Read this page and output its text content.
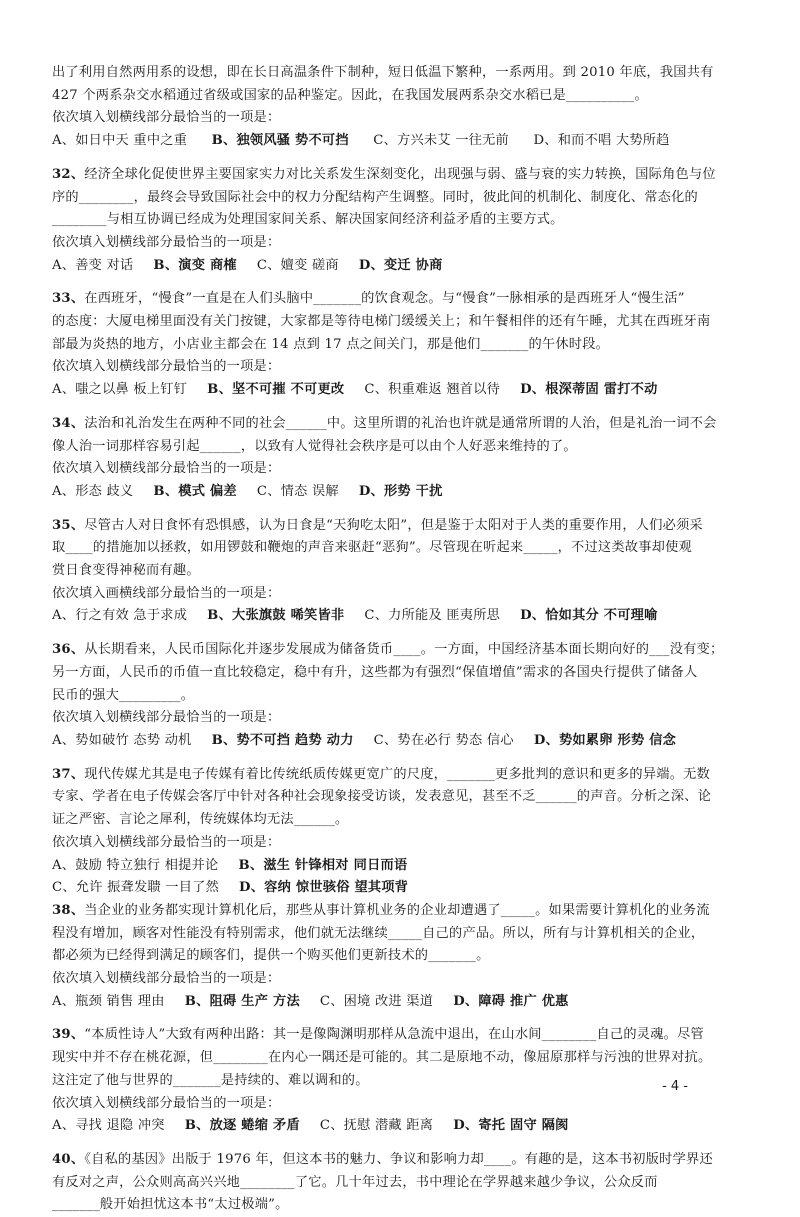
出了利用自然两用系的设想，即在长日高温条件下制种，短日低温下繁种，一系两用。到 2010 年底，我国共有
427 个两系杂交水稻通过省级或国家的品种鉴定。因此，在我国发展两系杂交水稻已是__________。
依次填入划横线部分最恰当的一项是：
A、如日中天 重中之重 B、独领风骚 势不可挡 C、方兴未艾 一往无前 D、和而不唱 大势所趋
32、经济全球化促使世界主要国家实力对比关系发生深刻变化，出现强与弱、盛与衰的实力转换，国际角色与位
序的________，最终会导致国际社会中的权力分配结构产生调整。同时，彼此间的机制化、制度化、常态化的
________与相互协调已经成为处理国家间关系、解决国家间经济利益矛盾的主要方式。
依次填入划横线部分最恰当的一项是：
A、善变 对话 B、演变 商榷 C、嬗变 磋商 D、变迁 协商
33、在西班牙，“慢食”一直是在人们头脑中_______的饮食观念。与“慢食”一脉相承的是西班牙人“慢生活”
的态度：大厦电梯里面没有关门按键，大家都是等待电梯门缓缓关上；和午餐相伴的还有午睡，尤其在西班牙南
部最为炎热的地方，小店业主都会在 14 点到 17 点之间关门，那是他们_______的午休时段。
依次填入划横线部分最恰当的一项是：
A、嗤之以鼻 板上钉钉 B、坚不可摧 不可更改 C、积重难返 翘首以待 D、根深蒂固 雷打不动
34、法治和礼治发生在两种不同的社会______中。这里所谓的礼治也许就是通常所谓的人治，但是礼治一词不会
像人治一词那样容易引起______，以致有人觉得社会秩序是可以由个人好恶来维持的了。
依次填入划横线部分最恰当的一项是：
A、形态 歧义 B、模式 偏差 C、情态 误解 D、形势 干扰
35、尽管古人对日食怀有恐惧感，认为日食是“天狗吃太阳”，但是鉴于太阳对于人类的重要作用，人们必须采
取____的措施加以拯救，如用锣鼓和鞭炮的声音来驱赶“恶狗”。尽管现在听起来_____，不过这类故事却使观
赏日食变得神秘而有趣。
依次填入画横线部分最恰当的一项是：
A、行之有效 急于求成 B、大张旗鼓 唏笑皆非 C、力所能及 匪夷所思 D、恰如其分 不可理喻
36、从长期看来，人民币国际化并逐步发展成为储备货币____。一方面，中国经济基本面长期向好的___没有变；
另一方面，人民币的币值一直比较稳定，稳中有升，这些都为有强烈“保值增值”需求的各国央行提供了储备人
民币的强大_________。
依次填入划横线部分最恰当的一项是：
A、势如破竹 态势 动机 B、势不可挡 趋势 动力 C、势在必行 势态 信心 D、势如累卵 形势 信念
37、现代传媒尤其是电子传媒有着比传统纸质传媒更宽广的尺度，_______更多批判的意识和更多的异端。无数
专家、学者在电子传媒会客厅中针对各种社会现象接受访谈，发表意见，甚至不乏______的声音。分析之深、论
证之严密、言论之犀利，传统媒体均无法______。
依次填入划横线部分最恰当的一项是：
A、鼓励 特立独行 相提并论 B、滋生 针锋相对 同日而语
C、允许 振聋发聩 一目了然 D、容纳 惊世骇俗 望其项背
38、当企业的业务都实现计算机化后，那些从事计算机业务的企业却遭遇了_____。如果需要计算机化的业务流
程没有增加，顾客对性能没有特别需求，他们就无法继续_____自己的产品。所以，所有与计算机相关的企业，
都必须为已经得到满足的顾客们，提供一个购买他们更新技术的_______。
依次填入划横线部分最恰当的一项是：
A、瓶颈 销售 理由 B、阻碍 生产 方法 C、困境 改进 渠道 D、障碍 推广 优惠
39、“本质性诗人”大致有两种出路：其一是像陶渊明那样从急流中退出，在山水间________自己的灵魂。尽管
现实中并不存在桃花源，但________在内心一隅还是可能的。其二是原地不动，像屈原那样与污浊的世界对抗。
这注定了他与世界的_______是持续的、难以调和的。
依次填入划横线部分最恰当的一项是：
A、寻找 退隐 冲突 B、放逐 蜷缩 矛盾 C、抚慰 潜藏 距离 D、寄托 固守 隔阂
40、《自私的基因》出版于 1976 年，但这本书的魅力、争议和影响力却____。有趣的是，这本书初版时学界还
有反对之声，公众则高高兴兴地________了它。几十年过去，书中理论在学界越来越少争议，公众反而
_______般开始担忧这本书“太过极端”。
- 4 -
